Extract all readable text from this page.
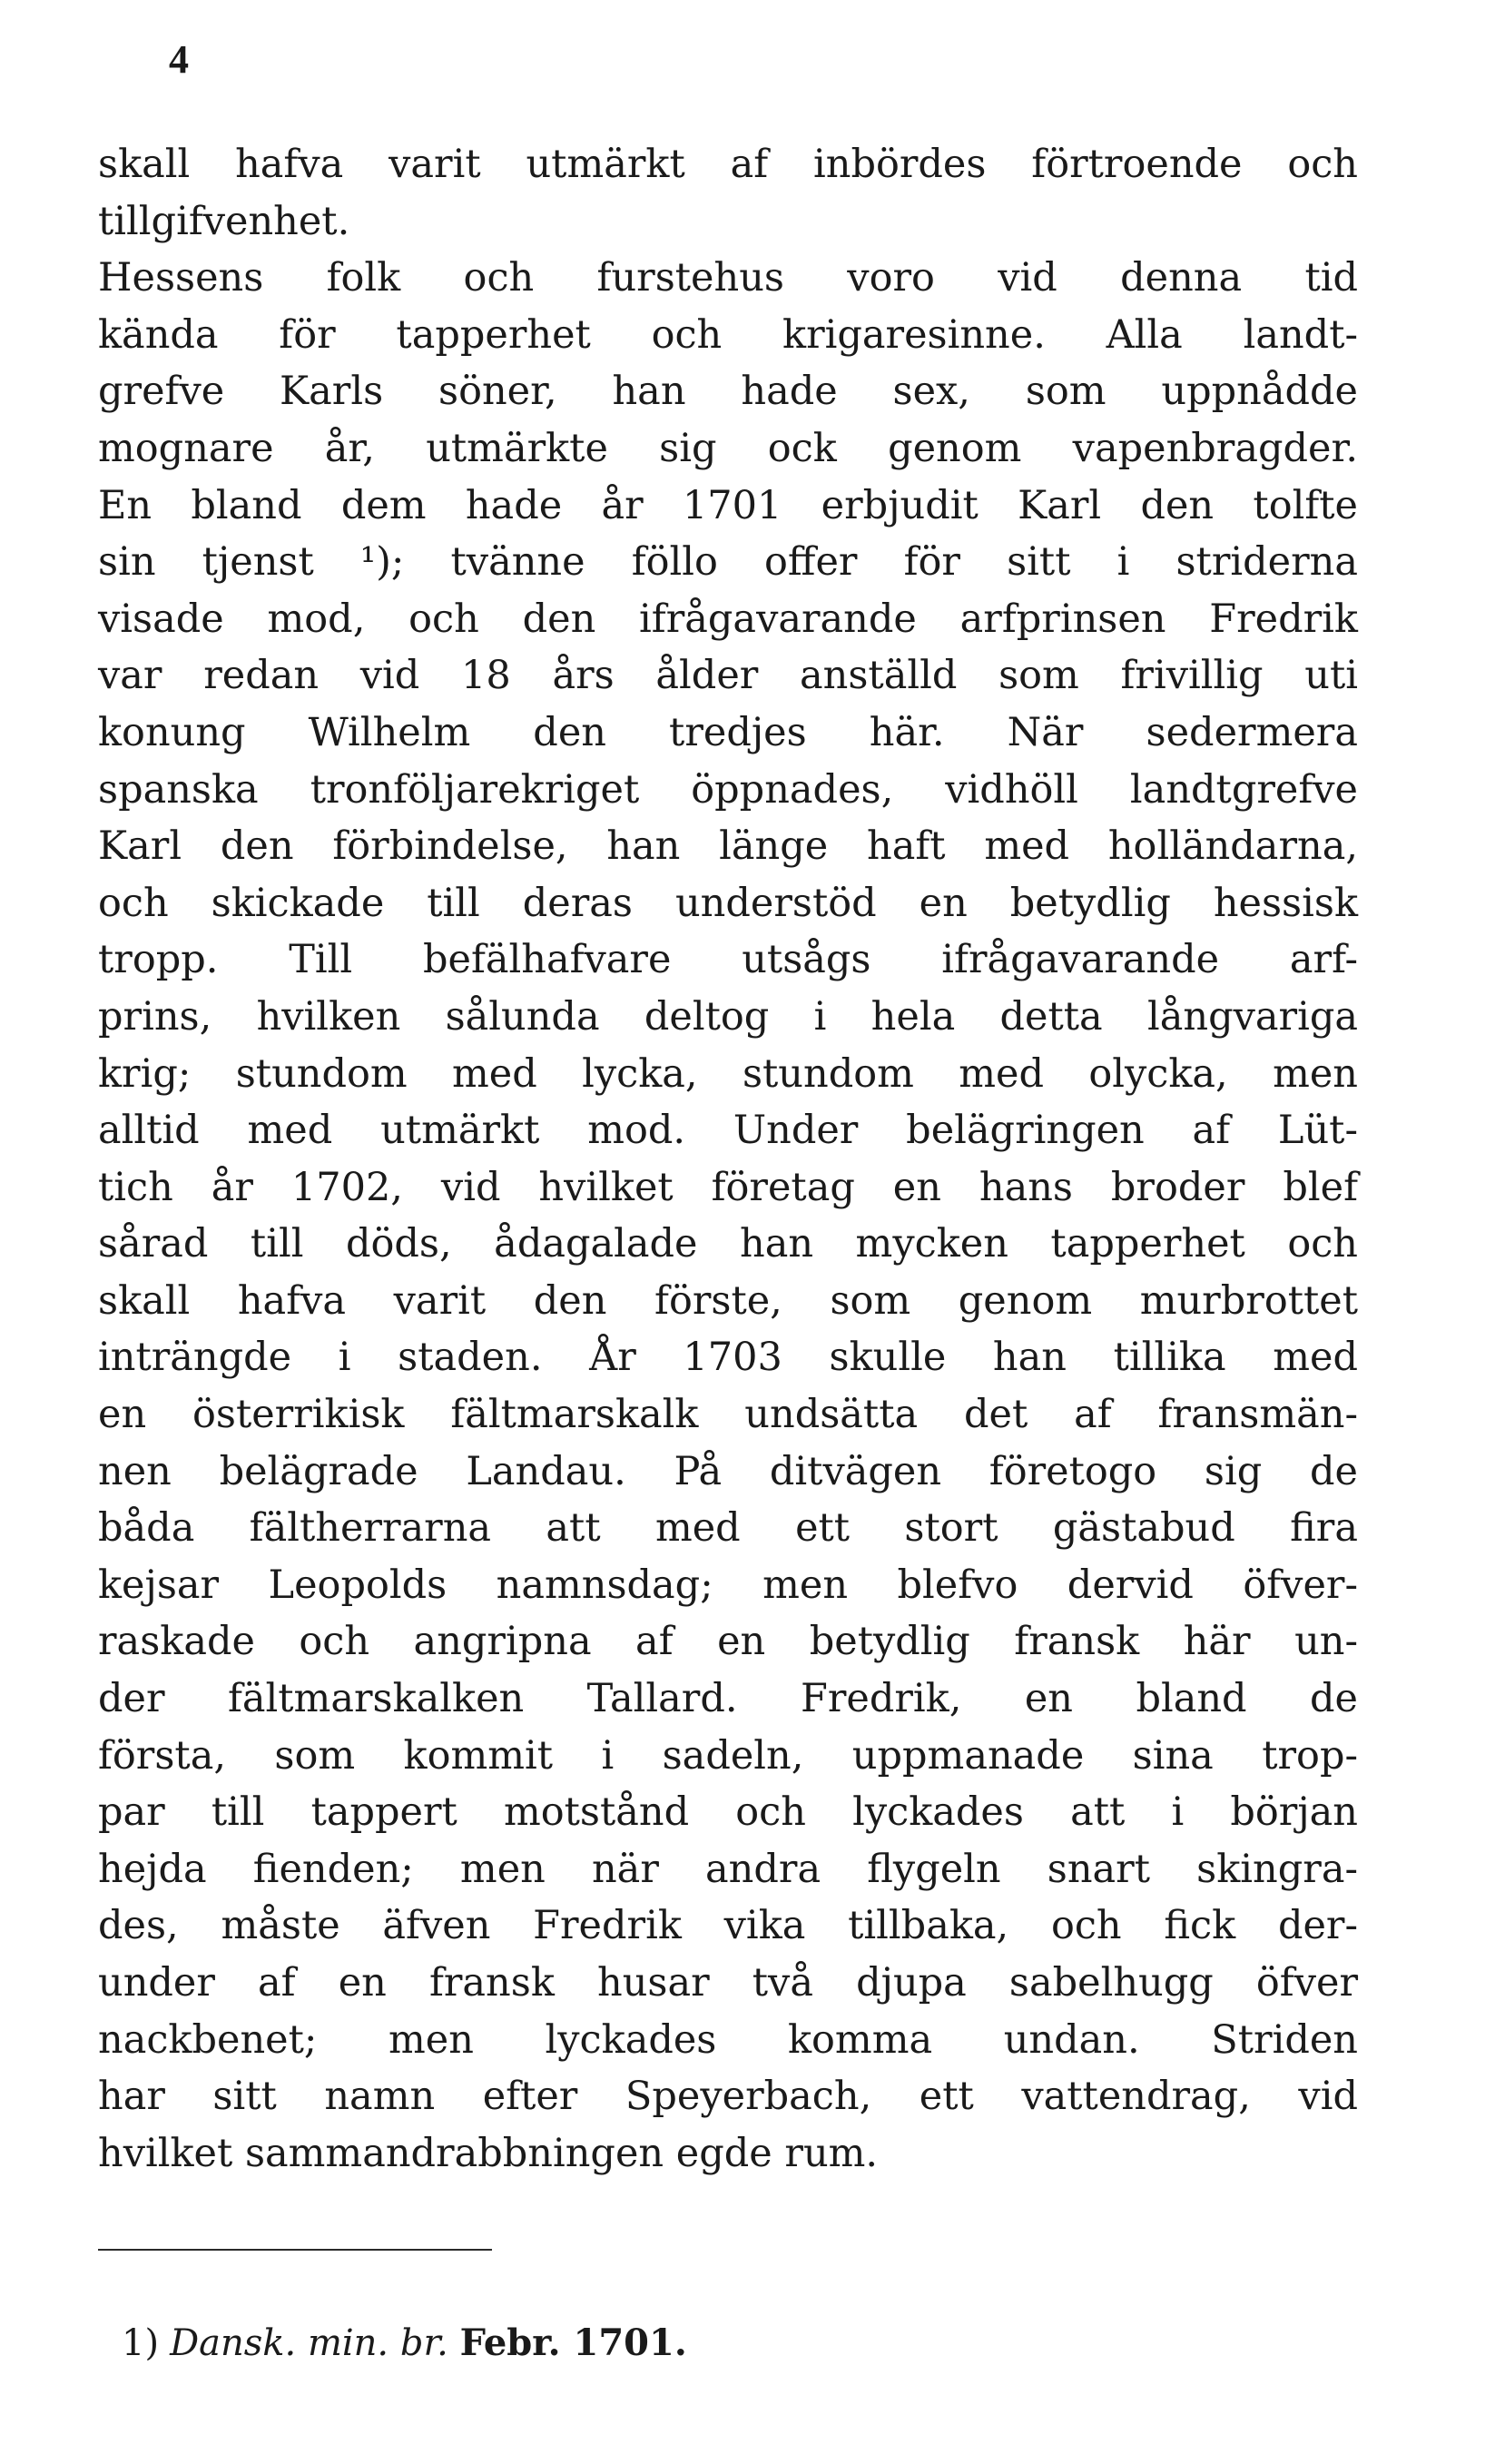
4
skall hafva varit utmärkt af inbördes förtroende och
tillgifvenhet.
Hessens folk och furstehus voro vid denna tid
kända för tapperhet och krigaresinne. Alla landt-
grefve Karls söner, han hade sex, som uppnådde
mognare år, utmärkte sig ock genom vapenbragder.
En bland dem hade år 1701 erbjudit Karl den tolfte
sin tjenst ¹); tvänne föllo offer för sitt i striderna
visade mod, och den ifrågavarande arfprinsen Fredrik
var redan vid 18 års ålder anställd som frivillig uti
konung Wilhelm den tredjes här. När sedermera
spanska tronföljarekriget öppnades, vidhöll landtgrefve
Karl den förbindelse, han länge haft med holländarna,
och skickade till deras understöd en betydlig hessisk
tropp. Till befälhafvare utsågs ifrågavarande arf-
prins, hvilken sålunda deltog i hela detta långvariga
krig; stundom med lycka, stundom med olycka, men
alltid med utmärkt mod. Under belägringen af Lüt-
tich år 1702, vid hvilket företag en hans broder blef
sårad till döds, ådagalade han mycken tapperhet och
skall hafva varit den förste, som genom murbrottet
inträngde i staden. År 1703 skulle han tillika med
en österrikisk fältmarskalk undsätta det af fransmän-
nen belägrade Landau. På ditvägen företogo sig de
båda fältherrarna att med ett stort gästabud fira
kejsar Leopolds namnsdag; men blefvo dervid öfver-
raskade och angripna af en betydlig fransk här un-
der fältmarskalken Tallard. Fredrik, en bland de
första, som kommit i sadeln, uppmanade sina trop-
par till tappert motstånd och lyckades att i början
hejda fienden; men när andra flygeln snart skingra-
des, måste äfven Fredrik vika tillbaka, och fick der-
under af en fransk husar två djupa sabelhugg öfver
nackbenet; men lyckades komma undan. Striden
har sitt namn efter Speyerbach, ett vattendrag, vid
hvilket sammandrabbningen egde rum.
1) Dansk. min. br. Febr. 1701.
